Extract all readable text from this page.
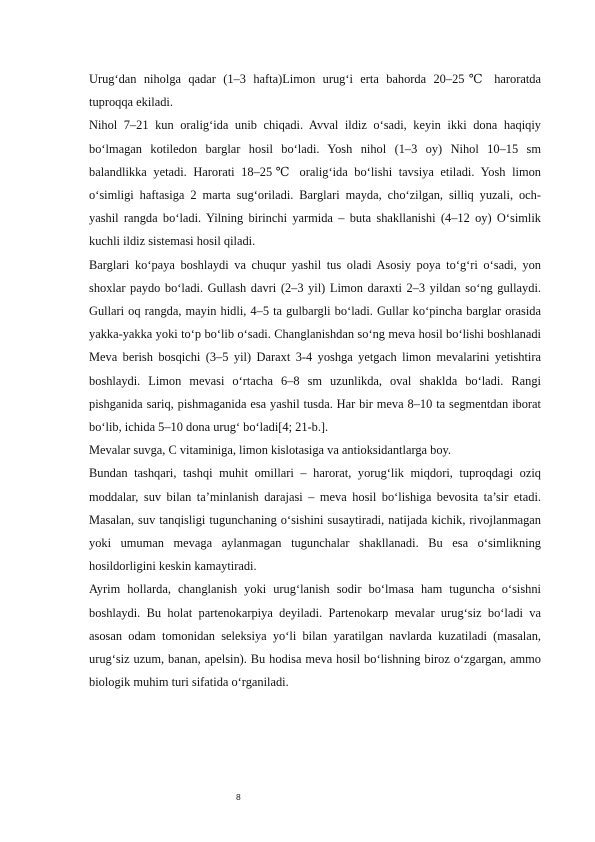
Urug‘dan niholga qadar (1–3 hafta)Limon urug‘i erta bahorda 20–25℃ haroratda tuproqqa ekiladi.

Nihol 7–21 kun oralig‘ida unib chiqadi. Avval ildiz o‘sadi, keyin ikki dona haqiqiy bo‘lmagan kotiledon barglar hosil bo‘ladi. Yosh nihol (1–3 oy) Nihol 10–15 sm balandlikka yetadi. Harorati 18–25℃ oralig‘ida bo‘lishi tavsiya etiladi. Yosh limon o‘simligi haftasiga 2 marta sug‘oriladi. Barglari mayda, cho‘zilgan, silliq yuzali, och-yashil rangda bo‘ladi. Yilning birinchi yarmida – buta shakllanishi (4–12 oy) O‘simlik kuchli ildiz sistemasi hosil qiladi.

Barglari ko‘paya boshlaydi va chuqur yashil tus oladi Asosiy poya to‘g‘ri o‘sadi, yon shoxlar paydo bo‘ladi. Gullash davri (2–3 yil) Limon daraxti 2–3 yildan so‘ng gullaydi. Gullari oq rangda, mayin hidli, 4–5 ta gulbargli bo‘ladi. Gullar ko‘pincha barglar orasida yakka-yakka yoki to‘p bo‘lib o‘sadi. Changlanishdan so‘ng meva hosil bo‘lishi boshlanadi Meva berish bosqichi (3–5 yil) Daraxt 3-4 yoshga yetgach limon mevalarini yetishtira boshlaydi. Limon mevasi o‘rtacha 6–8 sm uzunlikda, oval shaklda bo‘ladi. Rangi pishganida sariq, pishmaganida esa yashil tusda. Har bir meva 8–10 ta segmentdan iborat bo‘lib, ichida 5–10 dona urug‘ bo‘ladi[4; 21-b.].

Mevalar suvga, C vitaminiga, limon kislotasiga va antioksidantlarga boy.

Bundan tashqari, tashqi muhit omillari – harorat, yorug‘lik miqdori, tuproqdagi oziq moddalar, suv bilan ta’minlanish darajasi – meva hosil bo‘lishiga bevosita ta’sir etadi. Masalan, suv tanqisligi tugunchaning o‘sishini susaytiradi, natijada kichik, rivojlanmagan yoki umuman mevaga aylanmagan tugunchalar shakllanadi. Bu esa o‘simlikning hosildorligini keskin kamaytiradi.

Ayrim hollarda, changlanish yoki urug‘lanish sodir bo‘lmasa ham tuguncha o‘sishni boshlaydi. Bu holat partenokarpiya deyiladi. Partenokarp mevalar urug‘siz bo‘ladi va asosan odam tomonidan seleksiya yo‘li bilan yaratilgan navlarda kuzatiladi (masalan, urug‘siz uzum, banan, apelsin). Bu hodisa meva hosil bo‘lishning biroz o‘zgargan, ammo biologik muhim turi sifatida o‘rganiladi.

8
